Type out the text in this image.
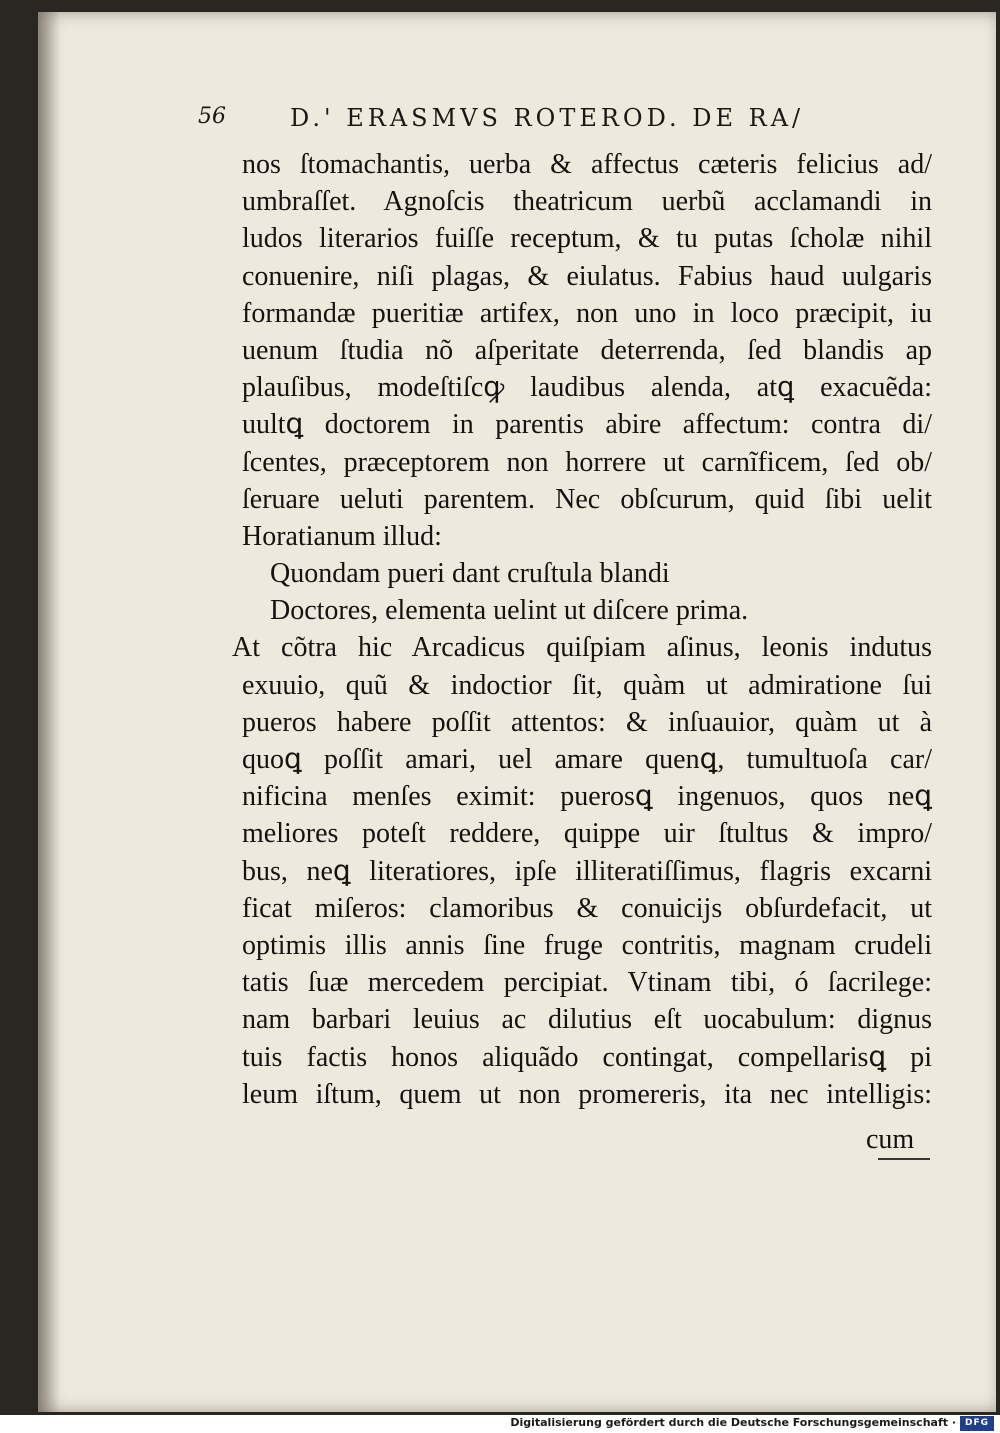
56	D.' ERASMVS ROTEROD. DE RA/
nos ſtomachantis, uerba & affectus cæteris felicius ad/
umbraſſet. Agnoſcis theatricum uerbũ acclamandi in
ludos literarios fuiſſe receptum, & tu putas ſcholæ nihil
conuenire, niſi plagas, & eiulatus. Fabius haud uulgaris
formandæ pueritiæ artifex, non uno in loco præcipit, iu
uenum ſtudia nõ aſperitate deterrenda, ſed blandis ap
plauſibus, modeſtiſcꝙ laudibus alenda, atꝗ exacuẽda:
uultꝗ doctorem in parentis abire affectum: contra di/
ſcentes, præceptorem non horrere ut carnĩficem, ſed ob/
ſeruare ueluti parentem. Nec obſcurum, quid ſibi uelit
Horatianum illud:
Quondam pueri dant cruſtula blandi
Doctores, elementa uelint ut diſcere prima.
At cõtra hic Arcadicus quiſpiam aſinus, leonis indutus
exuuio, quũ & indoctior ſit, quàm ut admiratione ſui
pueros habere poſſit attentos: & inſuauior, quàm ut à
quoꝗ poſſit amari, uel amare quenꝗ, tumultuoſa car/
nificina menſes eximit: puerosꝗ ingenuos, quos neꝗ
meliores poteſt reddere, quippe uir ſtultus & impro/
bus, neꝗ literatiores, ipſe illiteratiſſimus, flagris excarni
ficat miſeros: clamoribus & conuicijs obſurdefacit, ut
optimis illis annis ſine fruge contritis, magnam crudeli
tatis ſuæ mercedem percipiat. Vtinam tibi, ó ſacrilege:
nam barbari leuius ac dilutius eſt uocabulum: dignus
tuis factis honos aliquãdo contingat, compellarisꝗ pi
leum iſtum, quem ut non promereris, ita nec intelligis:
cum
Digitalisierung gefördert durch die Deutsche Forschungsgemeinschaft · DFG
